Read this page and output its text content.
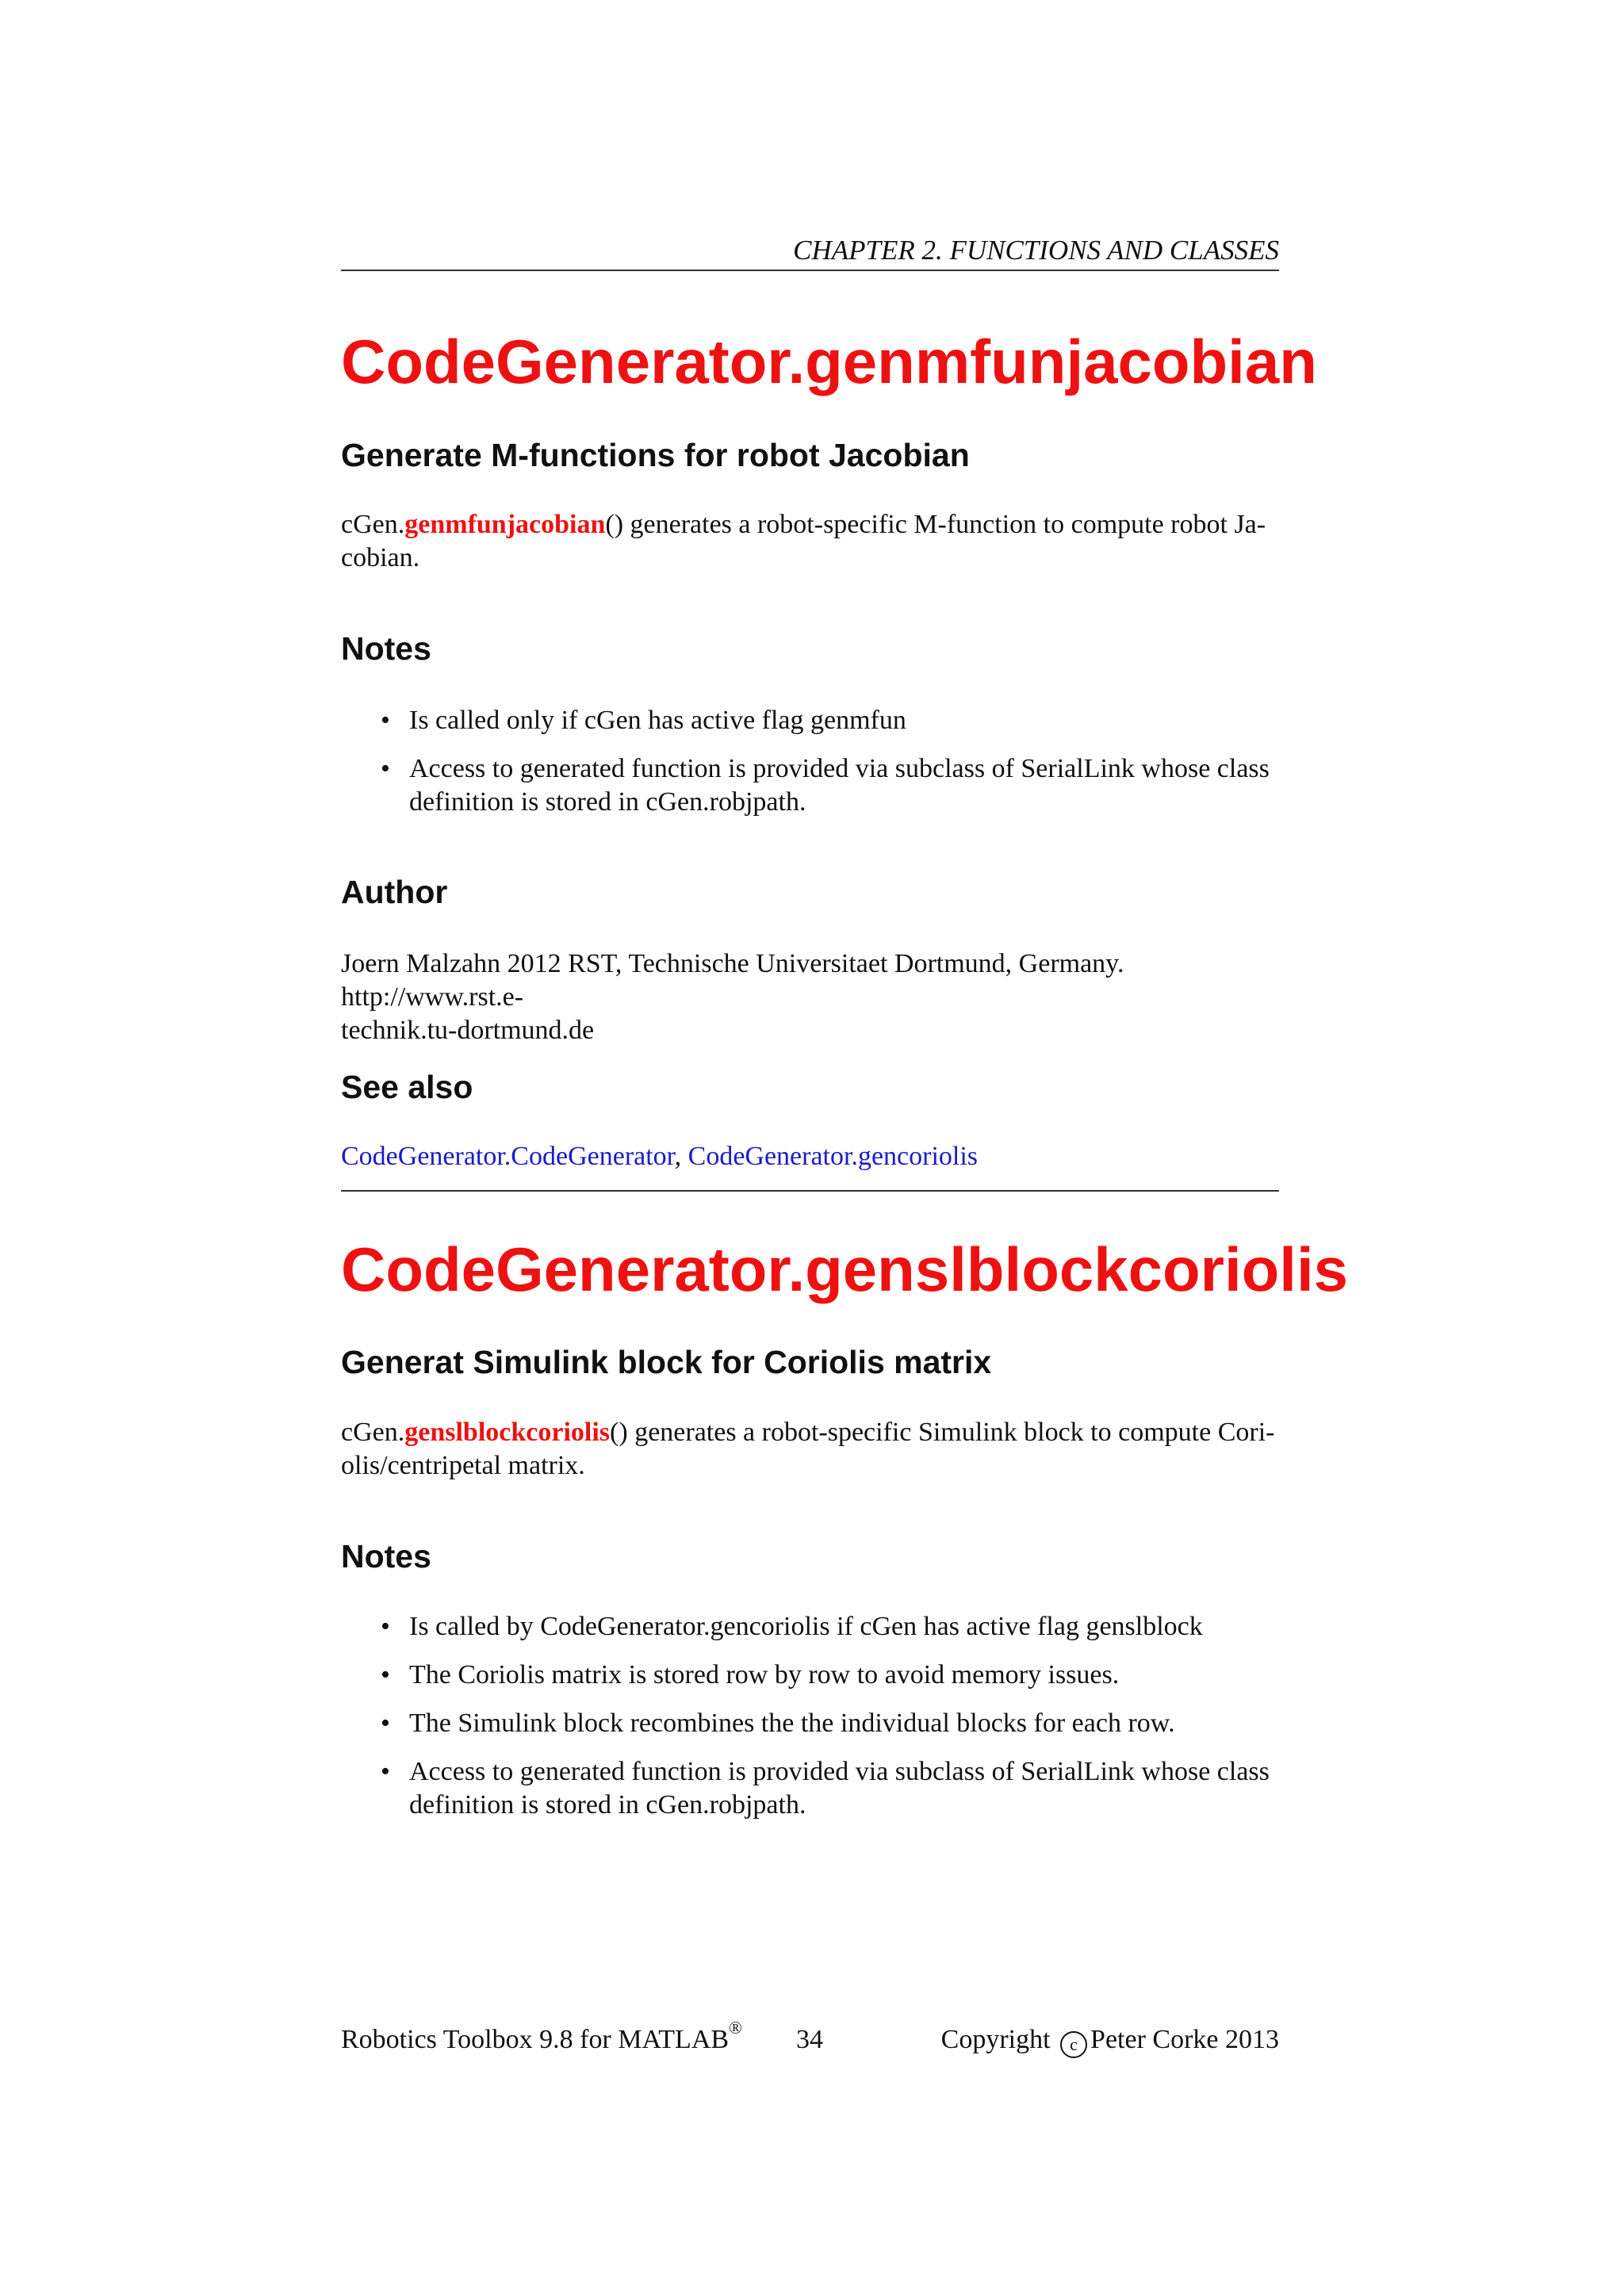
CHAPTER 2. FUNCTIONS AND CLASSES
CodeGenerator.genmfunjacobian
Generate M-functions for robot Jacobian

cGen.genmfunjacobian() generates a robot-specific M-function to compute robot Ja-
cobian.

Notes
• Is called only if cGen has active flag genmfun
• Access to generated function is provided via subclass of SerialLink whose class definition is stored in cGen.robjpath.
Author

Joern Malzahn 2012 RST, Technische Universitaet Dortmund, Germany. http://www.rst.e-
technik.tu-dortmund.de

See also

CodeGenerator.CodeGenerator, CodeGenerator.gencoriolis

CodeGenerator.genslblockcoriolis
Generat Simulink block for Coriolis matrix

cGen.genslblockcoriolis() generates a robot-specific Simulink block to compute Cori-
olis/centripetal matrix.

Notes
• Is called by CodeGenerator.gencoriolis if cGen has active flag genslblock
• The Coriolis matrix is stored row by row to avoid memory issues.
• The Simulink block recombines the the individual blocks for each row.
• Access to generated function is provided via subclass of SerialLink whose class definition is stored in cGen.robjpath.
Robotics Toolbox 9.8 for MATLAB® 34	Copyright c Peter Corke 2013
